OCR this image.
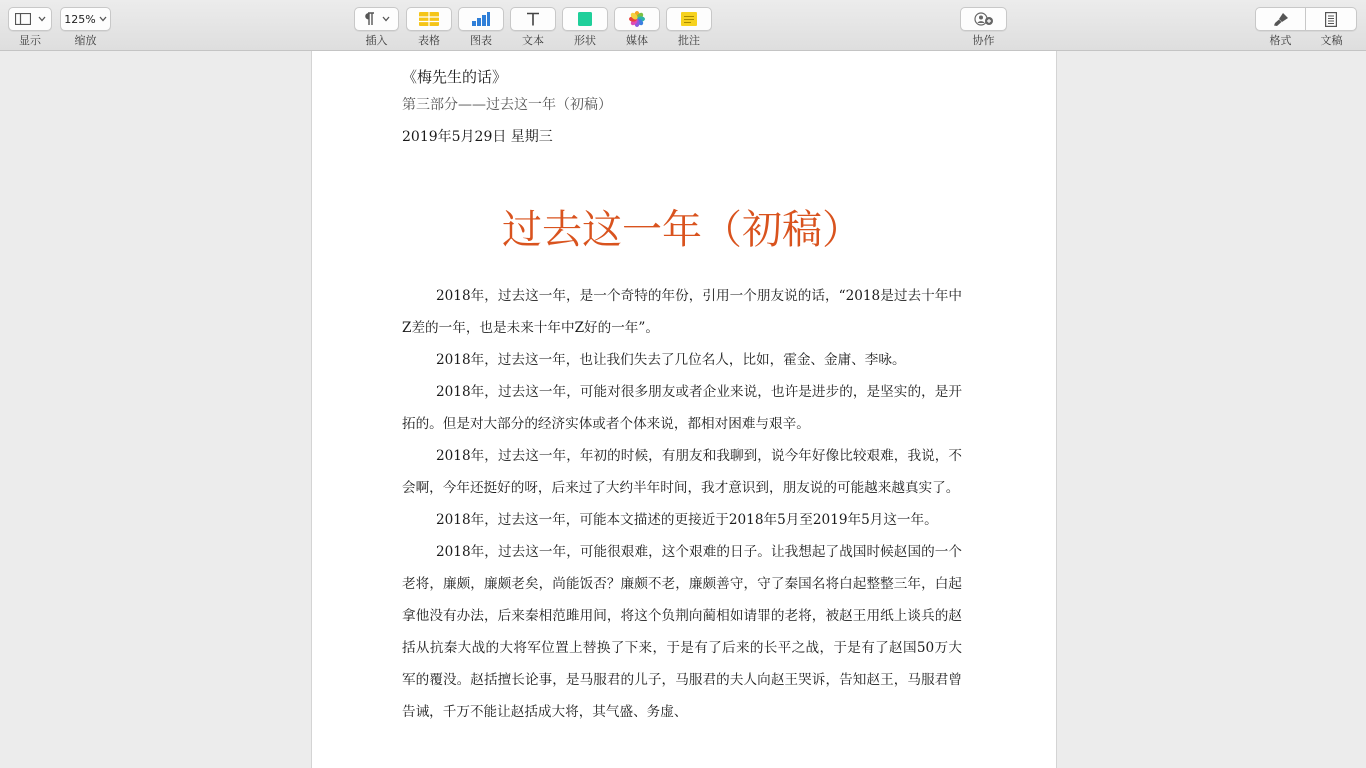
显示
125%
缩放	插入	表格	图表	文本	形状	媒体	批注	协作	格式	文稿

《梅先生的话》

第三部分——过去这一年（初稿）

2019年5月29日 星期三

过去这一年（初稿）

2018年，过去这一年，是一个奇特的年份，引用一个朋友说的话，“2018是过去十年中Z差的一年，也是未来十年中Z好的一年”。

2018年，过去这一年，也让我们失去了几位名人，比如，霍金、金庸、李咏。

2018年，过去这一年，可能对很多朋友或者企业来说，也许是进步的，是坚实的，是开拓的。但是对大部分的经济实体或者个体来说，都相对困难与艰辛。

2018年，过去这一年，年初的时候，有朋友和我聊到，说今年好像比较艰难，我说，不会啊，今年还挺好的呀，后来过了大约半年时间，我才意识到，朋友说的可能越来越真实了。

2018年，过去这一年，可能本文描述的更接近于2018年5月至2019年5月这一年。

2018年，过去这一年，可能很艰难，这个艰难的日子。让我想起了战国时候赵国的一个老将，廉颇，廉颇老矣，尚能饭否？廉颇不老，廉颇善守，守了秦国名将白起整整三年，白起拿他没有办法，后来秦相范雎用间，将这个负荆向蔺相如请罪的老将，被赵王用纸上谈兵的赵括从抗秦大战的大将军位置上替换了下来，于是有了后来的长平之战，于是有了赵国50万大军的覆没。赵括擅长论事，是马服君的儿子，马服君的夫人向赵王哭诉，告知赵王，马服君曾告诫，千万不能让赵括成大将，其气盛、务虚、
